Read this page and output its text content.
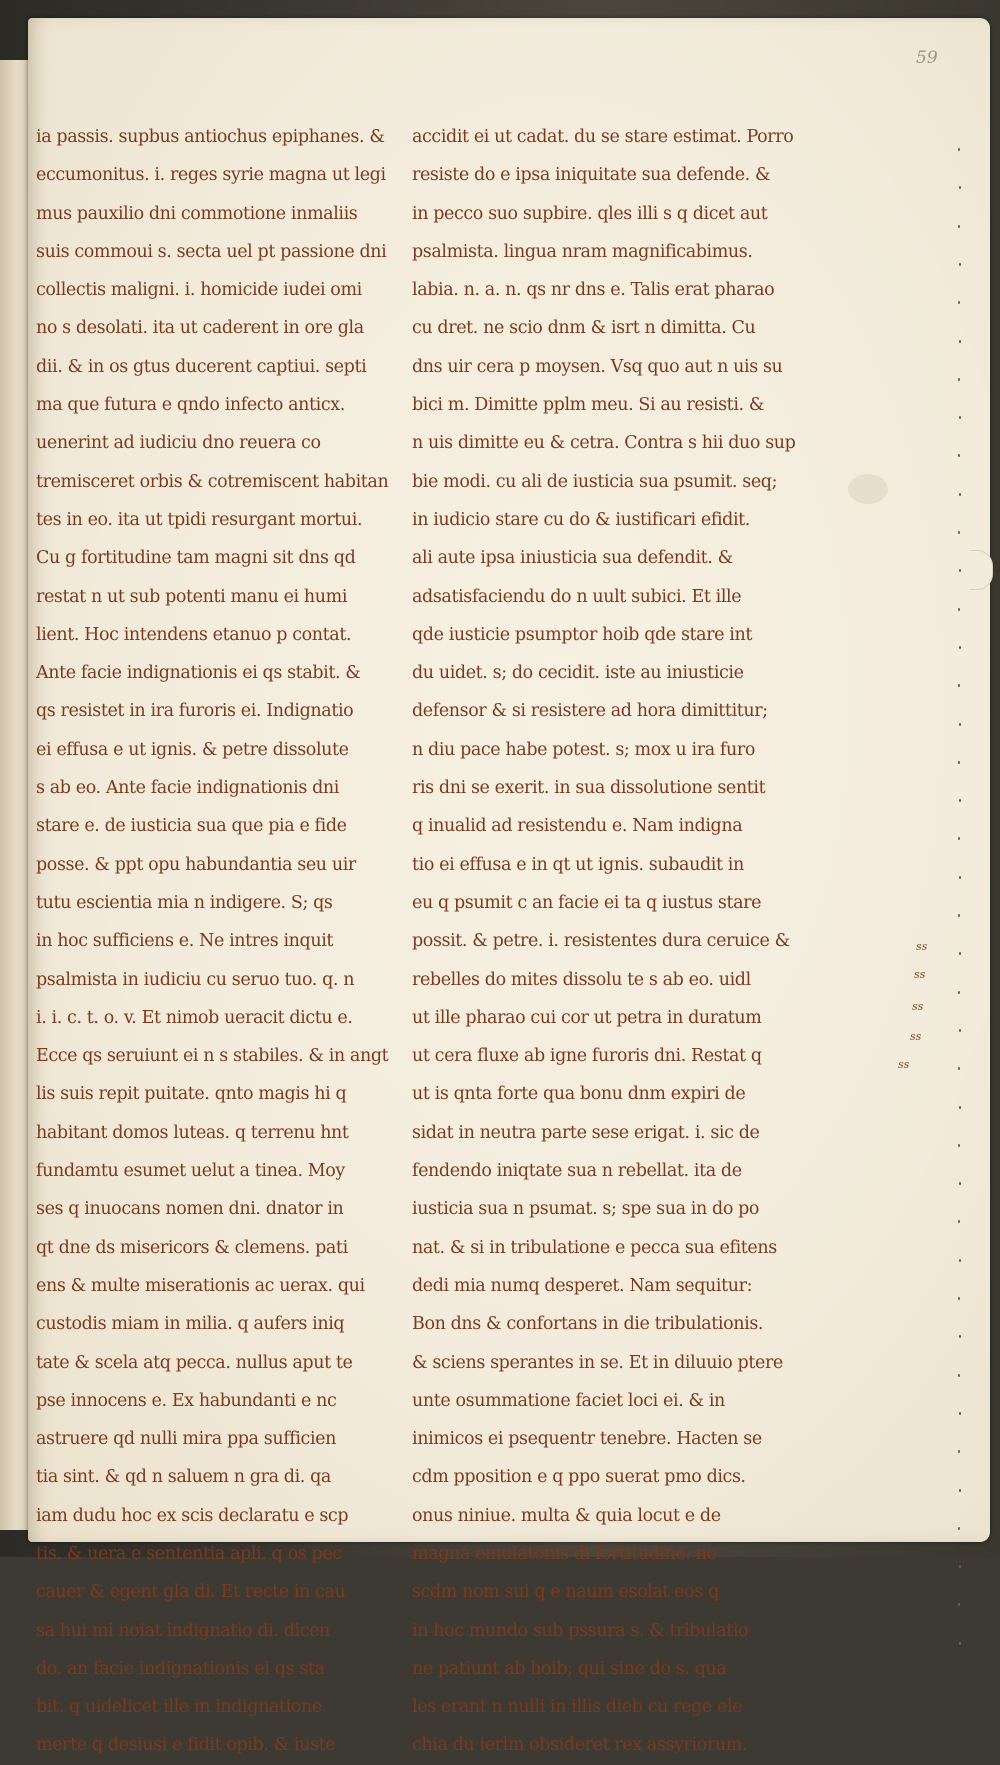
59
ia passis. supbus antiochus epiphanes. &
eccumonitus. i. reges syrie magna ut legi
mus pauxilio dni commotione inmaliis
suis commoui s. secta uel pt passione dni
collectis maligni. i. homicide iudei omi
no s desolati. ita ut caderent in ore gla
dii. & in os gtus ducerent captiui. septi
ma que futura e qndo infecto anticx.
uenerint ad iudiciu dno reuera co
tremisceret orbis & cotremiscent habitan
tes in eo. ita ut tpidi resurgant mortui.
Cu g fortitudine tam magni sit dns qd
restat n ut sub potenti manu ei humi
lient. Hoc intendens etanuo p contat.
Ante facie indignationis ei qs stabit. &
qs resistet in ira furoris ei. Indignatio
ei effusa e ut ignis. & petre dissolute
s ab eo. Ante facie indignationis dni
stare e. de iusticia sua que pia e fide
posse. & ppt opu habundantia seu uir
tutu escientia mia n indigere. S; qs
in hoc sufficiens e. Ne intres inquit
psalmista in iudiciu cu seruo tuo. q. n
i. i. c. t. o. v. Et nimob ueracit dictu e.
Ecce qs seruiunt ei n s stabiles. & in angt
lis suis repit puitate. qnto magis hi q
habitant domos luteas. q terrenu hnt
fundamtu esumet uelut a tinea. Moy
ses q inuocans nomen dni. dnator in
qt dne ds misericors & clemens. pati
ens & multe miserationis ac uerax. qui
custodis miam in milia. q aufers iniq
tate & scela atq pecca. nullus aput te
pse innocens e. Ex habundanti e nc
astruere qd nulli mira ppa sufficien
tia sint. & qd n saluem n gra di. qa
iam dudu hoc ex scis declaratu e scp
tis. & uera e sententia apli. q os pec
cauer & egent gla di. Et recte in cau
sa hui mi noiat indignatio di. dicen
do. an facie indignationis ei qs sta
bit. q uidelicet ille in indignatione
merte q desiusi e fidit opib. & iuste
accidit ei ut cadat. du se stare estimat. Porro
resiste do e ipsa iniquitate sua defende. &
in pecco suo supbire. qles illi s q dicet aut
psalmista. lingua nram magnificabimus.
labia. n. a. n. qs nr dns e. Talis erat pharao
cu dret. ne scio dnm & isrt n dimitta. Cu
dns uir cera p moysen. Vsq quo aut n uis su
bici m. Dimitte pplm meu. Si au resisti. &
n uis dimitte eu & cetra. Contra s hii duo sup
bie modi. cu ali de iusticia sua psumit. seq;
in iudicio stare cu do & iustificari efidit.
ali aute ipsa iniusticia sua defendit. &
adsatisfaciendu do n uult subici. Et ille
qde iusticie psumptor hoib qde stare int
du uidet. s; do cecidit. iste au iniusticie
defensor & si resistere ad hora dimittitur;
n diu pace habe potest. s; mox u ira furo
ris dni se exerit. in sua dissolutione sentit
q inualid ad resistendu e. Nam indigna
tio ei effusa e in qt ut ignis. subaudit in
eu q psumit c an facie ei ta q iustus stare
possit. & petre. i. resistentes dura ceruice &
rebelles do mites dissolu te s ab eo. uidl
ut ille pharao cui cor ut petra in duratum
ut cera fluxe ab igne furoris dni. Restat q
ut is qnta forte qua bonu dnm expiri de
sidat in neutra parte sese erigat. i. sic de
fendendo iniqtate sua n rebellat. ita de
iusticia sua n psumat. s; spe sua in do po
nat. & si in tribulatione e pecca sua efitens
dedi mia numq desperet. Nam sequitur:
Bon dns & confortans in die tribulationis.
& sciens sperantes in se. Et in diluuio ptere
unte osummatione faciet loci ei. & in
inimicos ei psequentr tenebre. Hacten se
cdm pposition e q ppo suerat pmo dics.
onus niniue. multa & quia locut e de
magna emulatonis di fortitudine. nc
scdm nom sui q e naum esolat eos q
in hoc mundo sub pssura s. & tribulatio
ne patiunt ab hoib; qui sine do s. qua
les erant n nulli in illis dieb cu rege ele
chia du ierlm obsideret rex assyriorum.
ss
ss
ss
ss
ss
